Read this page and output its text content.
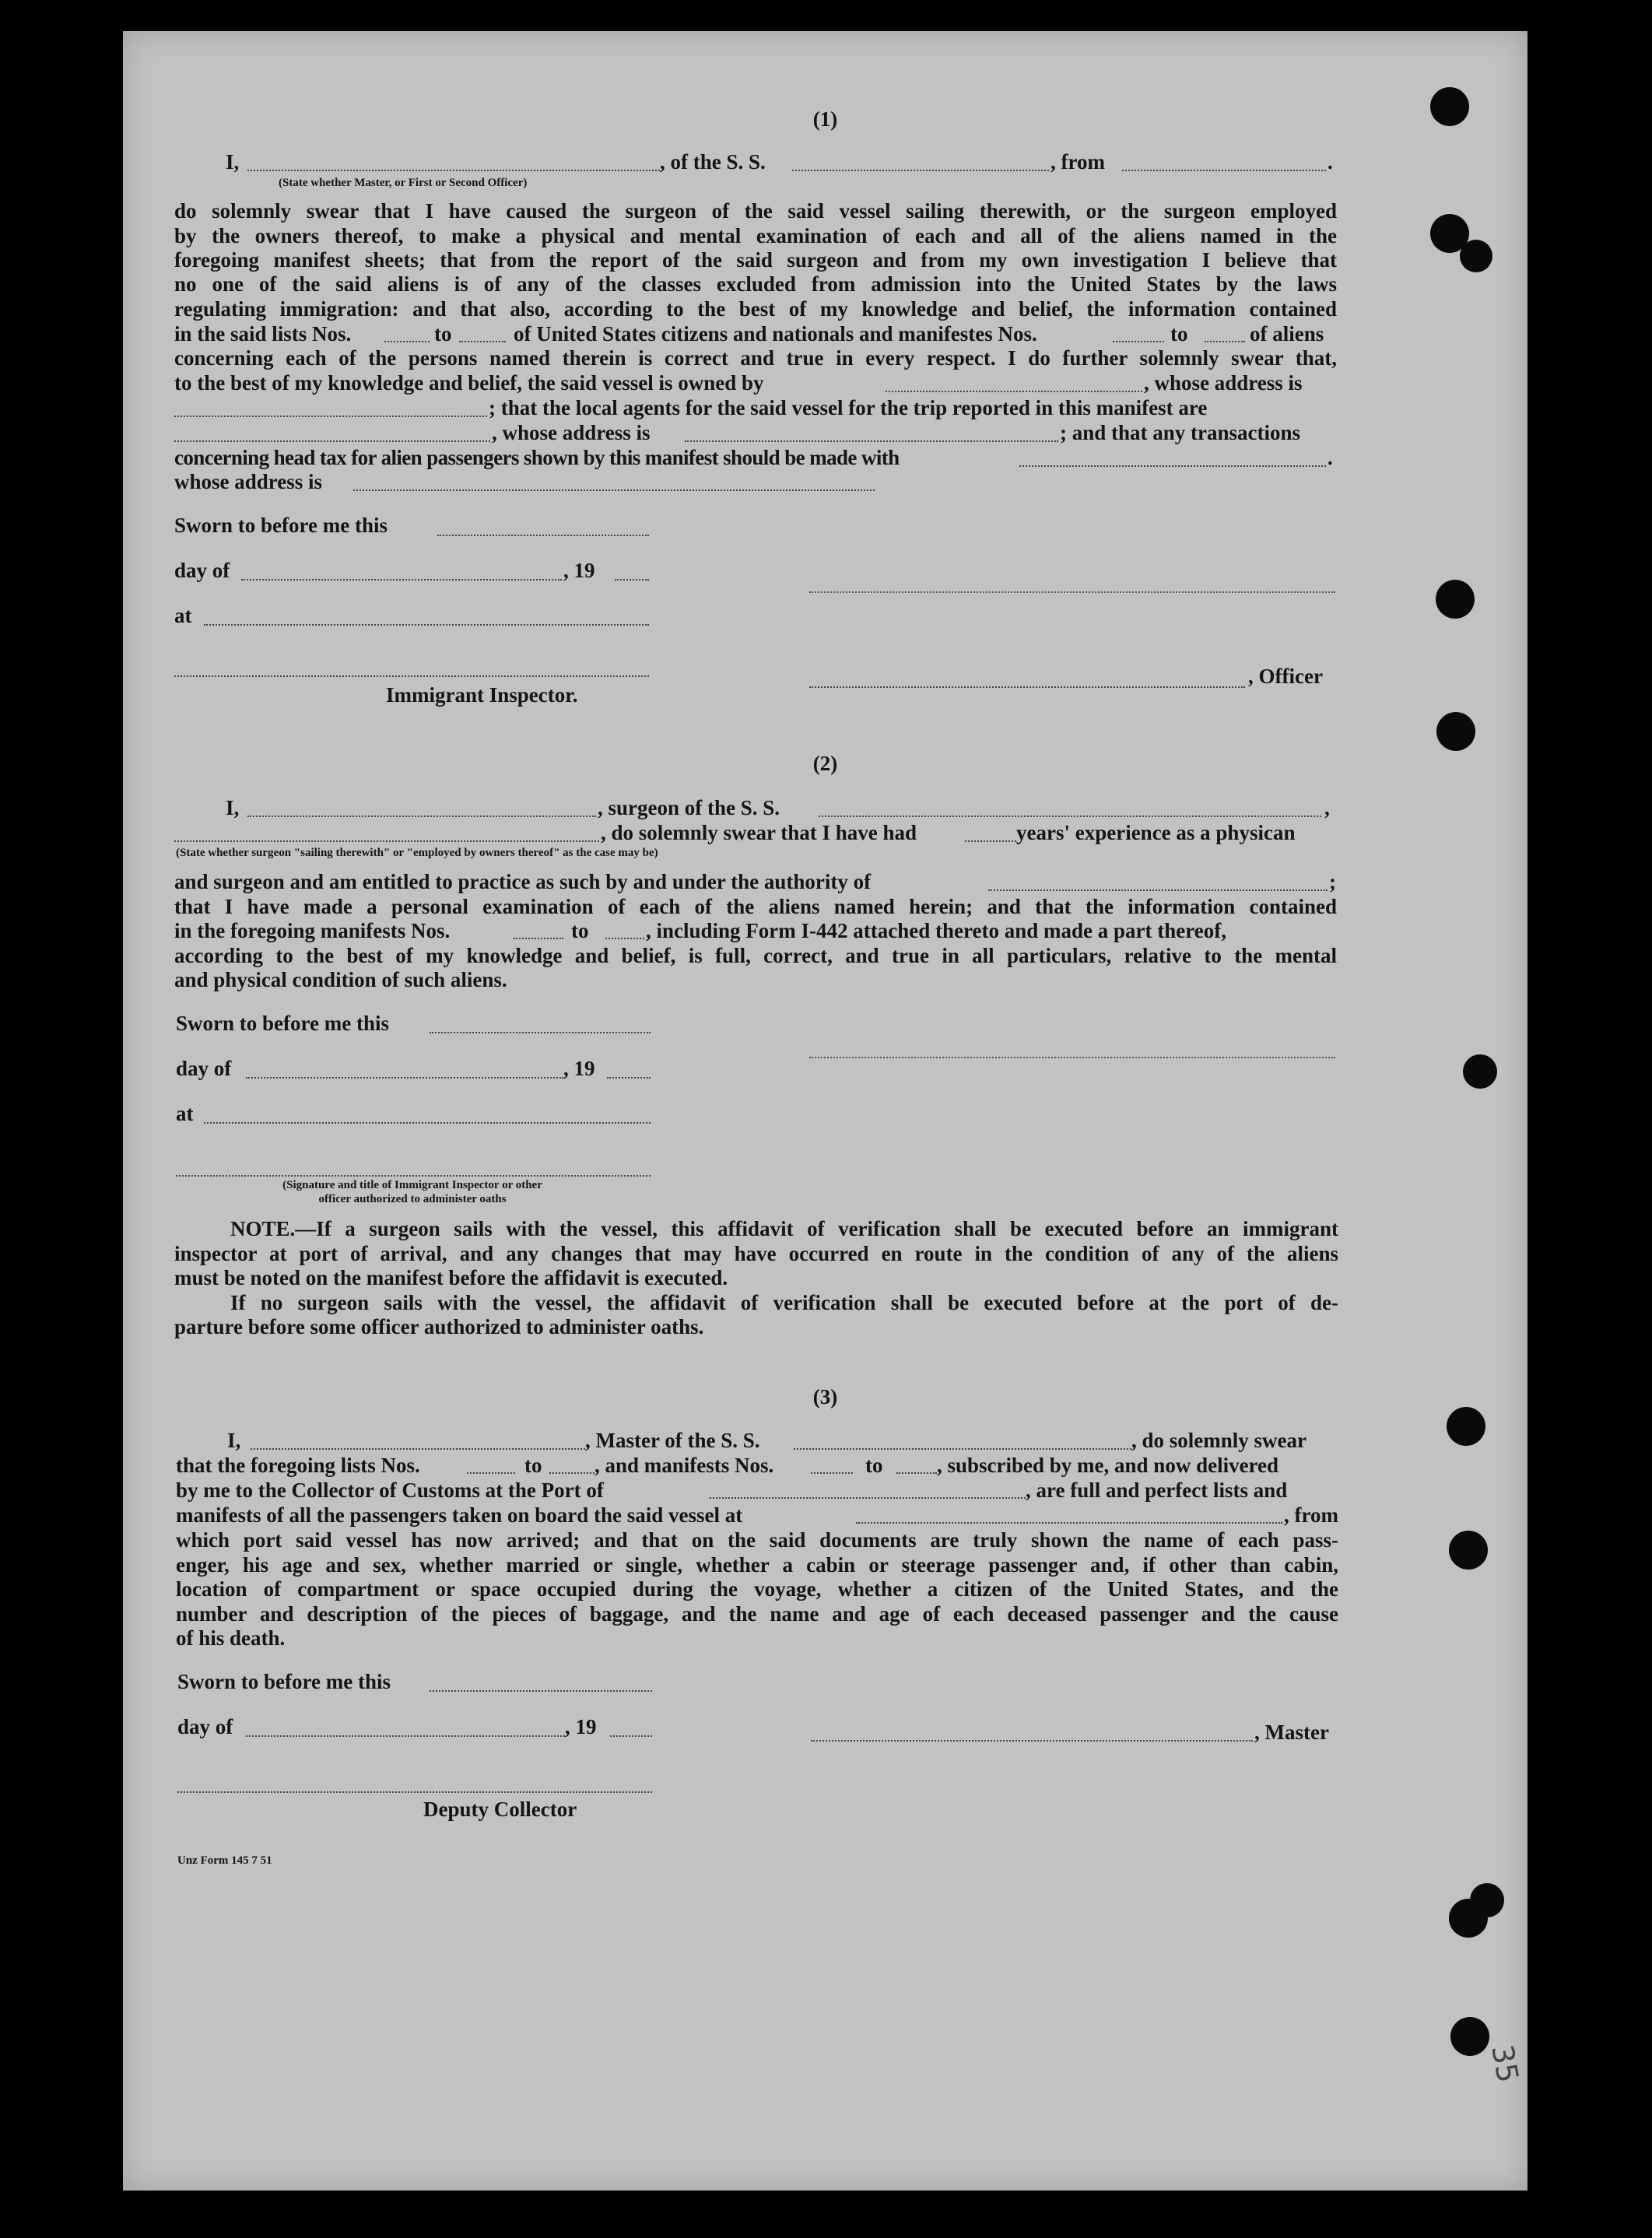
35
(1)
I,	, of the S. S.	, from	.
(State whether Master, or First or Second Officer)
do solemnly swear that I have caused the surgeon of the said vessel sailing therewith, or the surgeon employed
by the owners thereof, to make a physical and mental examination of each and all of the aliens named in the
foregoing manifest sheets; that from the report of the said surgeon and from my own investigation I believe that
no one of the said aliens is of any of the classes excluded from admission into the United States by the laws
regulating immigration: and that also, according to the best of my knowledge and belief, the information contained
in the said lists Nos.	to	of United States citizens and nationals and manifestes Nos.	to	of aliens
concerning each of the persons named therein is correct and true in every respect. I do further solemnly swear that,
to the best of my knowledge and belief, the said vessel is owned by	, whose address is
; that the local agents for the said vessel for the trip reported in this manifest are
, whose address is	; and that any transactions
concerning head tax for alien passengers shown by this manifest should be made with	.
whose address is
Sworn to before me this
day of	, 19
at
, Officer
Immigrant Inspector.
(2)
I,	, surgeon of the S. S.	,
, do solemnly swear that I have had	years' experience as a physican
(State whether surgeon "sailing therewith" or "employed by owners thereof" as the case may be)
and surgeon and am entitled to practice as such by and under the authority of	;
that I have made a personal examination of each of the aliens named herein; and that the information contained
in the foregoing manifests Nos.	to	, including Form I-442 attached thereto and made a part thereof,
according to the best of my knowledge and belief, is full, correct, and true in all particulars, relative to the mental
and physical condition of such aliens.
Sworn to before me this
day of	, 19
at
(Signature and title of Immigrant Inspector or other
officer authorized to administer oaths
NOTE.—If a surgeon sails with the vessel, this affidavit of verification shall be executed before an immigrant
inspector at port of arrival, and any changes that may have occurred en route in the condition of any of the aliens
must be noted on the manifest before the affidavit is executed.
If no surgeon sails with the vessel, the affidavit of verification shall be executed before at the port of de-
parture before some officer authorized to administer oaths.
(3)
I,	, Master of the S. S.	, do solemnly swear
that the foregoing lists Nos.	to	, and manifests Nos.	to	, subscribed by me, and now delivered
by me to the Collector of Customs at the Port of	, are full and perfect lists and
manifests of all the passengers taken on board the said vessel at	, from
which port said vessel has now arrived; and that on the said documents are truly shown the name of each pass-
enger, his age and sex, whether married or single, whether a cabin or steerage passenger and, if other than cabin,
location of compartment or space occupied during the voyage, whether a citizen of the United States, and the
number and description of the pieces of baggage, and the name and age of each deceased passenger and the cause
of his death.
Sworn to before me this
day of	, 19	, Master
Deputy Collector
Unz Form 145 7 51
